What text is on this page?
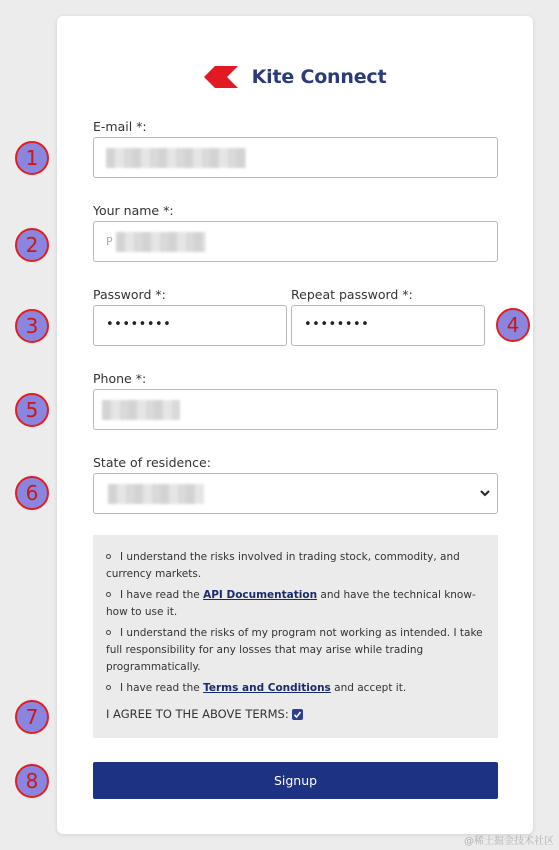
Kite Connect
E-mail *:
Your name *:
P
Password *:
••••••••
Repeat password *:
••••••••
Phone *:
State of residence:
I understand the risks involved in trading stock, commodity, and currency markets.
I have read the API Documentation and have the technical know-how to use it.
I understand the risks of my program not working as intended. I take full responsibility for any losses that may arise while trading programmatically.
I have read the Terms and Conditions and accept it.
I AGREE TO THE ABOVE TERMS:
Signup
1
2
3	4
5
6
7
8
@稀土掘金技术社区
